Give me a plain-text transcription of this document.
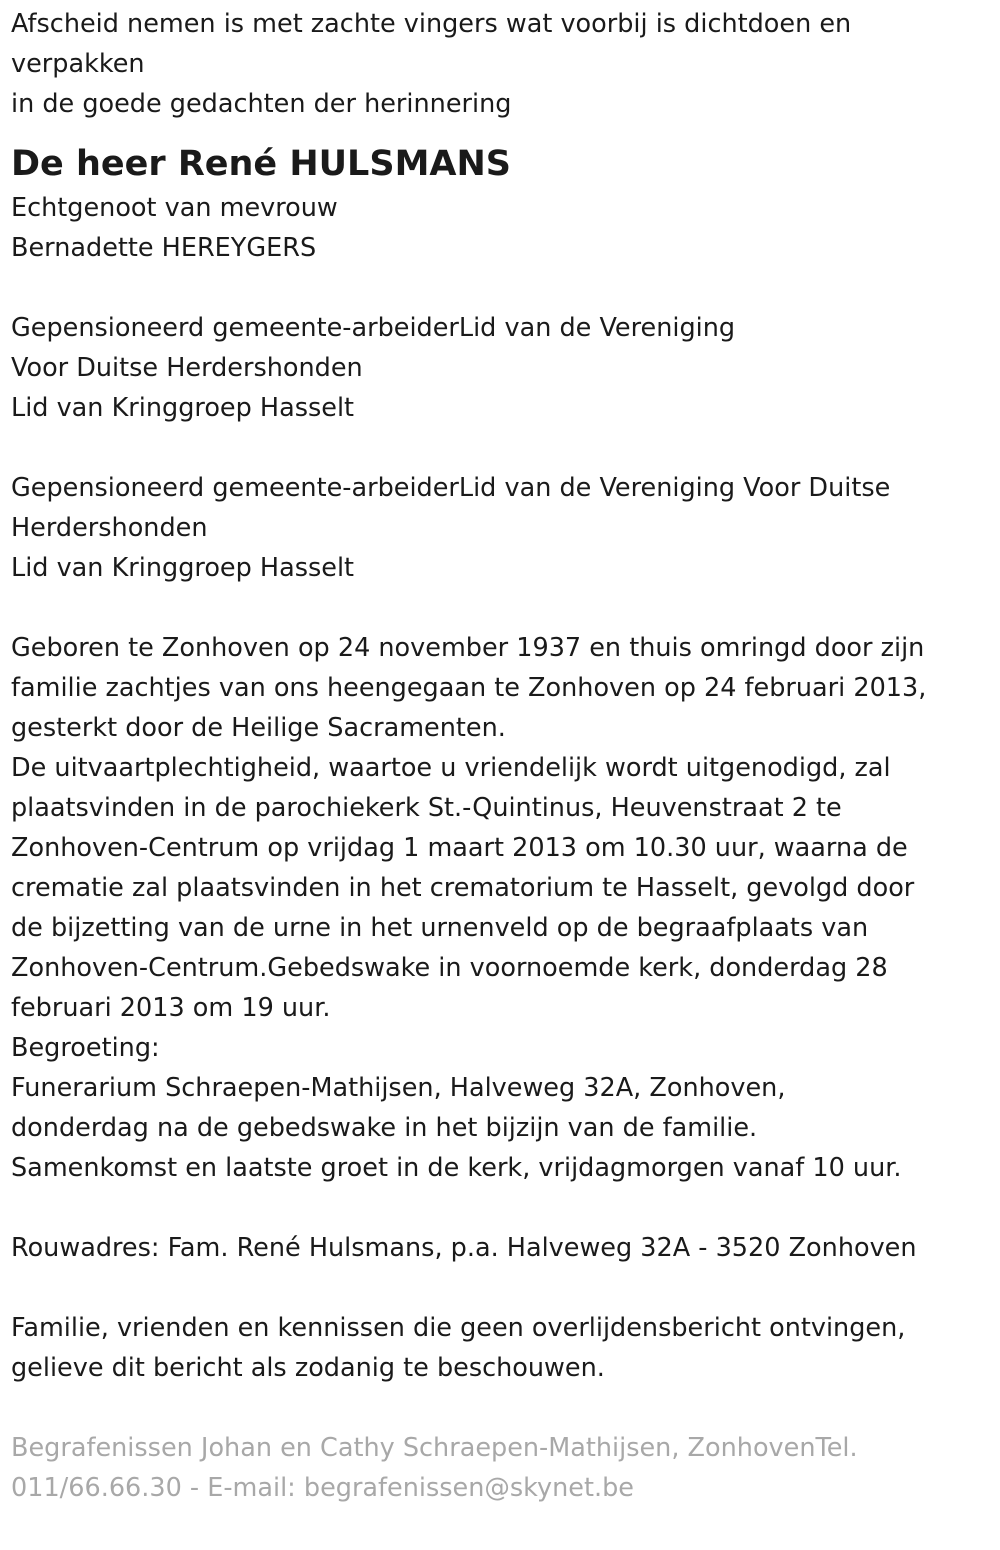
Afscheid nemen is met zachte vingers wat voorbij is dichtdoen en

verpakken

in de goede gedachten der herinnering

De heer René HULSMANS

Echtgenoot van mevrouw

Bernadette HEREYGERS

Gepensioneerd gemeente-arbeiderLid van de Vereniging

Voor Duitse Herdershonden

Lid van Kringgroep Hasselt

Gepensioneerd gemeente-arbeiderLid van de Vereniging Voor Duitse

Herdershonden

Lid van Kringgroep Hasselt

Geboren te Zonhoven op 24 november 1937 en thuis omringd door zijn

familie zachtjes van ons heengegaan te Zonhoven op 24 februari 2013,

gesterkt door de Heilige Sacramenten.

De uitvaartplechtigheid, waartoe u vriendelijk wordt uitgenodigd, zal

plaatsvinden in de parochiekerk St.-Quintinus, Heuvenstraat 2 te

Zonhoven-Centrum op vrijdag 1 maart 2013 om 10.30 uur, waarna de

crematie zal plaatsvinden in het crematorium te Hasselt, gevolgd door

de bijzetting van de urne in het urnenveld op de begraafplaats van

Zonhoven-Centrum.Gebedswake in voornoemde kerk, donderdag 28

februari 2013 om 19 uur.

Begroeting:

Funerarium Schraepen-Mathijsen, Halveweg 32A, Zonhoven,

donderdag na de gebedswake in het bijzijn van de familie.

Samenkomst en laatste groet in de kerk, vrijdagmorgen vanaf 10 uur.

Rouwadres: Fam. René Hulsmans, p.a. Halveweg 32A - 3520 Zonhoven

Familie, vrienden en kennissen die geen overlijdensbericht ontvingen,

gelieve dit bericht als zodanig te beschouwen.

Begrafenissen Johan en Cathy Schraepen-Mathijsen, ZonhovenTel.

011/66.66.30 - E-mail: begrafenissen@skynet.be
